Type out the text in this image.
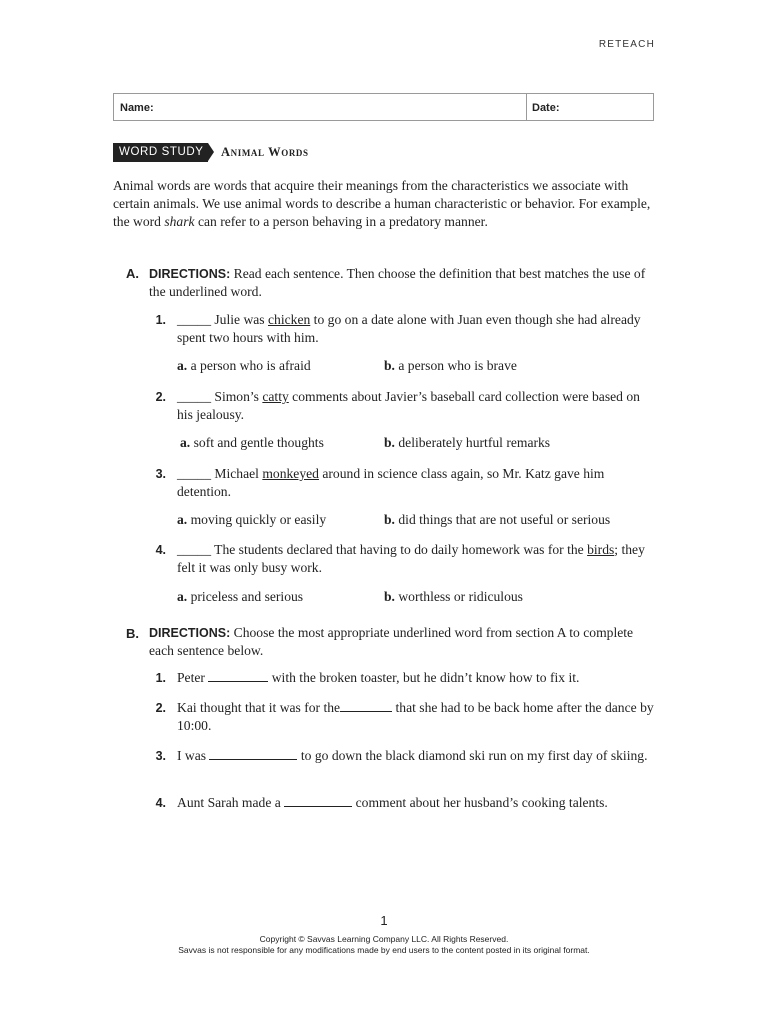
RETEACH
Name:	Date:
WORD STUDY	Animal Words

Animal words are words that acquire their meanings from the characteristics we associate with certain animals. We use animal words to describe a human characteristic or behavior. For example, the word shark can refer to a person behaving in a predatory manner.

A. DIRECTIONS: Read each sentence. Then choose the definition that best matches the use of the underlined word.
1. _____ Julie was chicken to go on a date alone with Juan even though she had already spent two hours with him.
a. a person who is afraid	b. a person who is brave
2. _____ Simon’s catty comments about Javier’s baseball card collection were based on his jealousy.
a. soft and gentle thoughts	b. deliberately hurtful remarks
3. _____ Michael monkeyed around in science class again, so Mr. Katz gave him detention.
a. moving quickly or easily	b. did things that are not useful or serious
4. _____ The students declared that having to do daily homework was for the birds; they felt it was only busy work.
a. priceless and serious	b. worthless or ridiculous
B. DIRECTIONS: Choose the most appropriate underlined word from section A to complete each sentence below.
1. Peter	with the broken toaster, but he didn’t know how to fix it.
2. Kai thought that it was for the	that she had to be back home after the dance by 10:00.
3. I was	to go down the black diamond ski run on my first day of skiing.
4. Aunt Sarah made a	comment about her husband’s cooking talents.
1
Copyright © Savvas Learning Company LLC. All Rights Reserved.
Savvas is not responsible for any modifications made by end users to the content posted in its original format.
